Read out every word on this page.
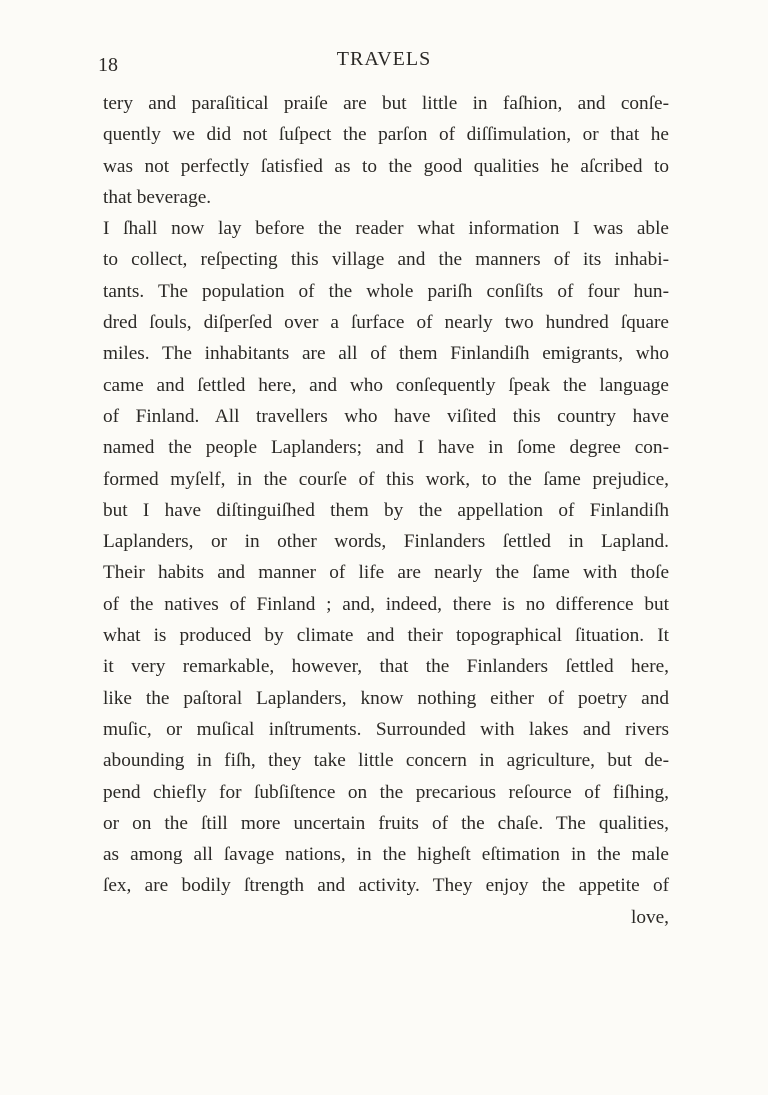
18	TRAVELS
tery and paraſitical praiſe are but little in faſhion, and conſe-
quently we did not ſuſpect the parſon of diſſimulation, or that he
was not perfectly ſatisfied as to the good qualities he aſcribed to
that beverage.
I ſhall now lay before the reader what information I was able
to collect, reſpecting this village and the manners of its inhabi-
tants. The population of the whole pariſh conſiſts of four hun-
dred ſouls, diſperſed over a ſurface of nearly two hundred ſquare
miles. The inhabitants are all of them Finlandiſh emigrants, who
came and ſettled here, and who conſequently ſpeak the language
of Finland. All travellers who have viſited this country have
named the people Laplanders; and I have in ſome degree con-
formed myſelf, in the courſe of this work, to the ſame prejudice,
but I have diſtinguiſhed them by the appellation of Finlandiſh
Laplanders, or in other words, Finlanders ſettled in Lapland.
Their habits and manner of life are nearly the ſame with thoſe
of the natives of Finland ; and, indeed, there is no difference but
what is produced by climate and their topographical ſituation. It
it very remarkable, however, that the Finlanders ſettled here,
like the paſtoral Laplanders, know nothing either of poetry and
muſic, or muſical inſtruments. Surrounded with lakes and rivers
abounding in fiſh, they take little concern in agriculture, but de-
pend chiefly for ſubſiſtence on the precarious reſource of fiſhing,
or on the ſtill more uncertain fruits of the chaſe. The qualities,
as among all ſavage nations, in the higheſt eſtimation in the male
ſex, are bodily ſtrength and activity. They enjoy the appetite of
love,
